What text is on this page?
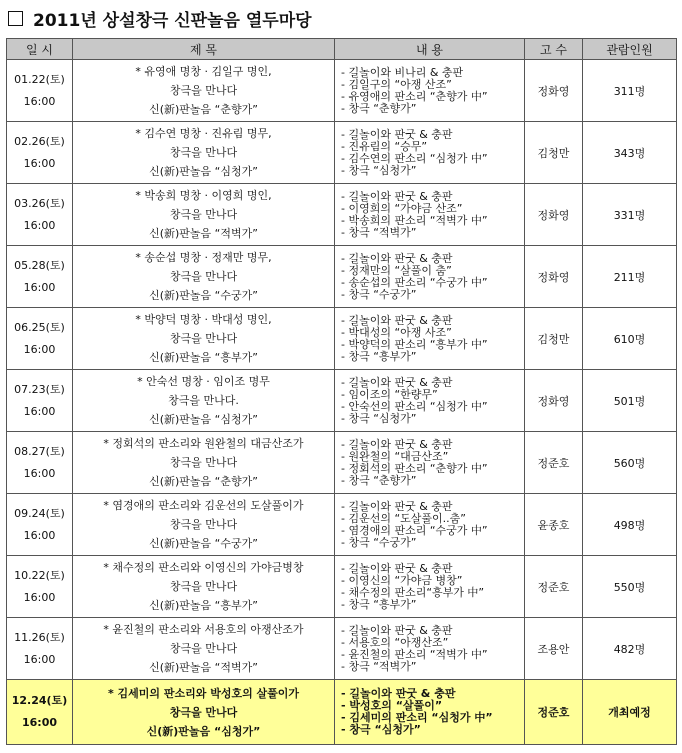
2011년 상설창극 신판놀음 열두마당
일 시	제 목	내 용	고 수	관람인원
01.22(토)
16:00	* 유영애 명창 · 김일구 명인,
창극을 만나다
신(新)판놀음 “춘향가”	- 길놀이와 비나리 & 충판
- 김일구의 “아쟁 산조”
- 유영애의 판소리 “춘향가 中”
- 창극 “춘향가”	정화영	311명
02.26(토)
16:00	* 김수연 명창 · 진유림 명무,
창극을 만나다
신(新)판놀음 “심청가”	- 길놀이와 판굿 & 충판
- 진유림의 “승무”
- 김수연의 판소리 “심청가 中”
- 창극 “심청가”	김청만	343명
03.26(토)
16:00	* 박송희 명창 · 이영희 명인,
창극을 만나다
신(新)판놀음 “적벽가”	- 길놀이와 판굿 & 충판
- 이영희의 “가야금 산조”
- 박송희의 판소리 “적벽가 中”
- 창극 “적벽가”	정화영	331명
05.28(토)
16:00	* 송순섭 명창 · 정재만 명무,
창극을 만나다
신(新)판놀음 “수궁가”	- 길놀이와 판굿 & 충판
- 정재만의 “살풀이 춤”
- 송순섭의 판소리 “수궁가 中”
- 창극 “수궁가”	정화영	211명
06.25(토)
16:00	* 박양덕 명창 · 박대성 명인,
창극을 만나다
신(新)판놀음 “흥부가”	- 길놀이와 판굿 & 충판
- 박대성의 “아쟁 사조”
- 박양덕의 판소리 “흥부가 中”
- 창극 “흥부가”	김청만	610명
07.23(토)
16:00	* 안숙선 명창 · 임이조 명무
창극을 만나다.
신(新)판놀음 “심청가”	- 길놀이와 판굿 & 충판
- 임이조의 “한량무”
- 안숙선의 판소리 “심청가 中”
- 창극 “심청가”	정화영	501명
08.27(토)
16:00	* 정회석의 판소리와 원완철의 대금산조가
창극을 만나다
신(新)판놀음 “춘향가”	- 길놀이와 판굿 & 충판
- 원완철의 “대금산조”
- 정회석의 판소리 “춘향가 中”
- 창극 “춘향가”	정준호	560명
09.24(토)
16:00	* 염경애의 판소리와 김운선의 도살풀이가
창극을 만나다
신(新)판놀음 “수궁가”	- 길놀이와 판굿 & 충판
- 김운선의 “도살풀이..춤”
- 염경애의 판소리 “수궁가 中”
- 창극 “수궁가”	윤종호	498명
10.22(토)
16:00	* 채수정의 판소리와 이영신의 가야금병창
창극을 만나다
신(新)판놀음 “흥부가”	- 길놀이와 판굿 & 충판
- 이영신의 “가야금 병창”
- 채수정의 판소리“흥부가 中”
- 창극 “흥부가”	정준호	550명
11.26(토)
16:00	* 윤진철의 판소리와 서용호의 아쟁산조가
창극을 만나다
신(新)판놀음 “적벽가”	- 길놀이와 판굿 & 충판
- 서용호의 “아쟁산조”
- 윤진철의 판소리 “적벽가 中”
- 창극 “적벽가”	조용안	482명
12.24(토)
16:00	* 김세미의 판소리와 박성호의 살풀이가
창극을 만나다
신(新)판놀음 “심청가”	- 길놀이와 판굿 & 충판
- 박성호의 “살풀이”
- 김세미의 판소리 “심청가 中”
- 창극 “심청가”	정준호	개최예정
